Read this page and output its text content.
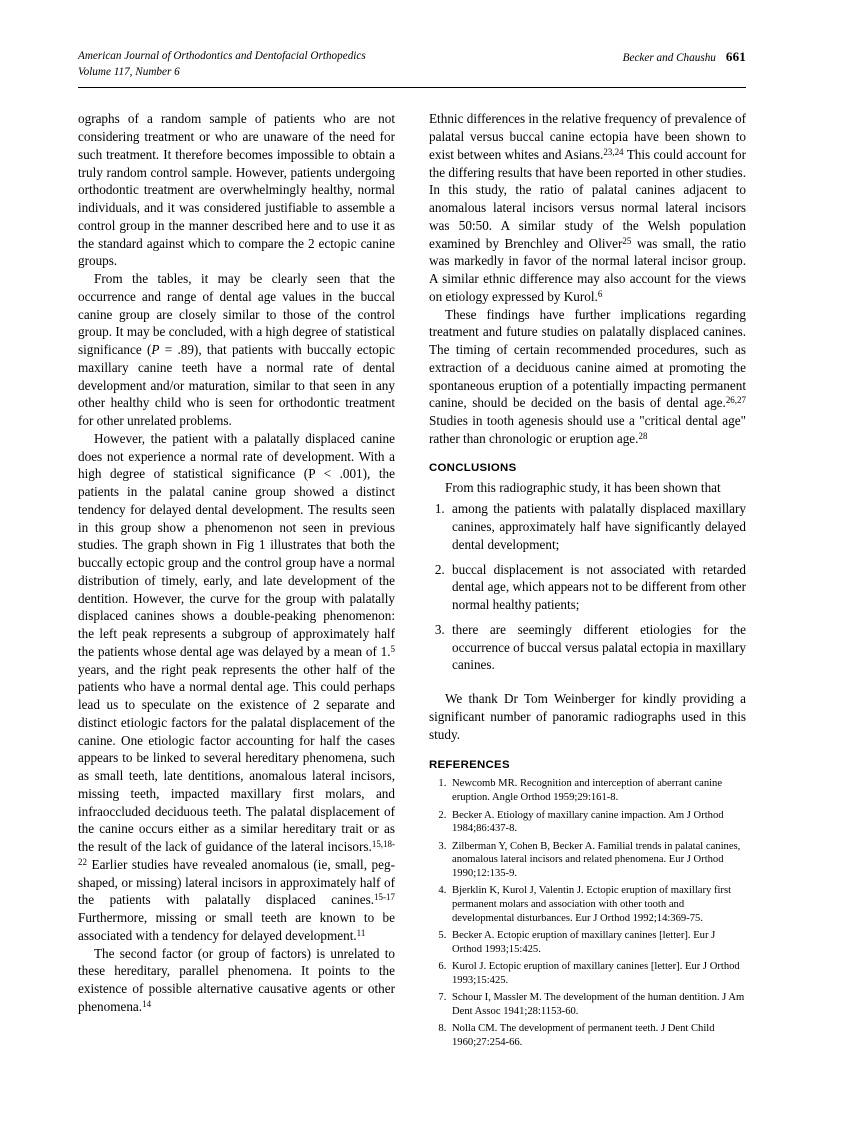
American Journal of Orthodontics and Dentofacial Orthopedics
Volume 117, Number 6
Becker and Chaushu 661

ographs of a random sample of patients who are not considering treatment or who are unaware of the need for such treatment. It therefore becomes impossible to obtain a truly random control sample. However, patients undergoing orthodontic treatment are overwhelmingly healthy, normal individuals, and it was considered justifiable to assemble a control group in the manner described here and to use it as the standard against which to compare the 2 ectopic canine groups.

From the tables, it may be clearly seen that the occurrence and range of dental age values in the buccal canine group are closely similar to those of the control group. It may be concluded, with a high degree of statistical significance (P = .89), that patients with buccally ectopic maxillary canine teeth have a normal rate of dental development and/or maturation, similar to that seen in any other healthy child who is seen for orthodontic treatment for other unrelated problems.

However, the patient with a palatally displaced canine does not experience a normal rate of development. With a high degree of statistical significance (P < .001), the patients in the palatal canine group showed a distinct tendency for delayed dental development. The results seen in this group show a phenomenon not seen in previous studies. The graph shown in Fig 1 illustrates that both the buccally ectopic group and the control group have a normal distribution of timely, early, and late development of the dentition. However, the curve for the group with palatally displaced canines shows a double-peaking phenomenon: the left peak represents a subgroup of approximately half the patients whose dental age was delayed by a mean of 1.$^5$ years, and the right peak represents the other half of the patients who have a normal dental age. This could perhaps lead us to speculate on the existence of 2 separate and distinct etiologic factors for the palatal displacement of the canine. One etiologic factor accounting for half the cases appears to be linked to several hereditary phenomena, such as small teeth, late dentitions, anomalous lateral incisors, missing teeth, impacted maxillary first molars, and infraoccluded deciduous teeth. The palatal displacement of the canine occurs either as a similar hereditary trait or as the result of the lack of guidance of the lateral incisors.$^{15,18-22}$ Earlier studies have revealed anomalous (ie, small, peg-shaped, or missing) lateral incisors in approximately half of the patients with palatally displaced canines.$^{15-17}$ Furthermore, missing or small teeth are known to be associated with a tendency for delayed development.$^{11}$

The second factor (or group of factors) is unrelated to these hereditary, parallel phenomena. It points to the existence of possible alternative causative agents or other phenomena.$^{14}$

Ethnic differences in the relative frequency of prevalence of palatal versus buccal canine ectopia have been shown to exist between whites and Asians.$^{23,24}$ This could account for the differing results that have been reported in other studies. In this study, the ratio of palatal canines adjacent to anomalous lateral incisors versus normal lateral incisors was 50:50. A similar study of the Welsh population examined by Brenchley and Oliver$^{25}$ was small, the ratio was markedly in favor of the normal lateral incisor group. A similar ethnic difference may also account for the views on etiology expressed by Kurol.$^6$

These findings have further implications regarding treatment and future studies on palatally displaced canines. The timing of certain recommended procedures, such as extraction of a deciduous canine aimed at promoting the spontaneous eruption of a potentially impacting permanent canine, should be decided on the basis of dental age.$^{26,27}$ Studies in tooth agenesis should use a "critical dental age" rather than chronologic or eruption age.$^{28}$

CONCLUSIONS

From this radiographic study, it has been shown that

1. among the patients with palatally displaced maxillary canines, approximately half have significantly delayed dental development;
2. buccal displacement is not associated with retarded dental age, which appears not to be different from other normal healthy patients;
3. there are seemingly different etiologies for the occurrence of buccal versus palatal ectopia in maxillary canines.

We thank Dr Tom Weinberger for kindly providing a significant number of panoramic radiographs used in this study.

REFERENCES
1. Newcomb MR. Recognition and interception of aberrant canine eruption. Angle Orthod 1959;29:161-8.
2. Becker A. Etiology of maxillary canine impaction. Am J Orthod 1984;86:437-8.
3. Zilberman Y, Cohen B, Becker A. Familial trends in palatal canines, anomalous lateral incisors and related phenomena. Eur J Orthod 1990;12:135-9.
4. Bjerklin K, Kurol J, Valentin J. Ectopic eruption of maxillary first permanent molars and association with other tooth and developmental disturbances. Eur J Orthod 1992;14:369-75.
5. Becker A. Ectopic eruption of maxillary canines [letter]. Eur J Orthod 1993;15:425.
6. Kurol J. Ectopic eruption of maxillary canines [letter]. Eur J Orthod 1993;15:425.
7. Schour I, Massler M. The development of the human dentition. J Am Dent Assoc 1941;28:1153-60.
8. Nolla CM. The development of permanent teeth. J Dent Child 1960;27:254-66.
